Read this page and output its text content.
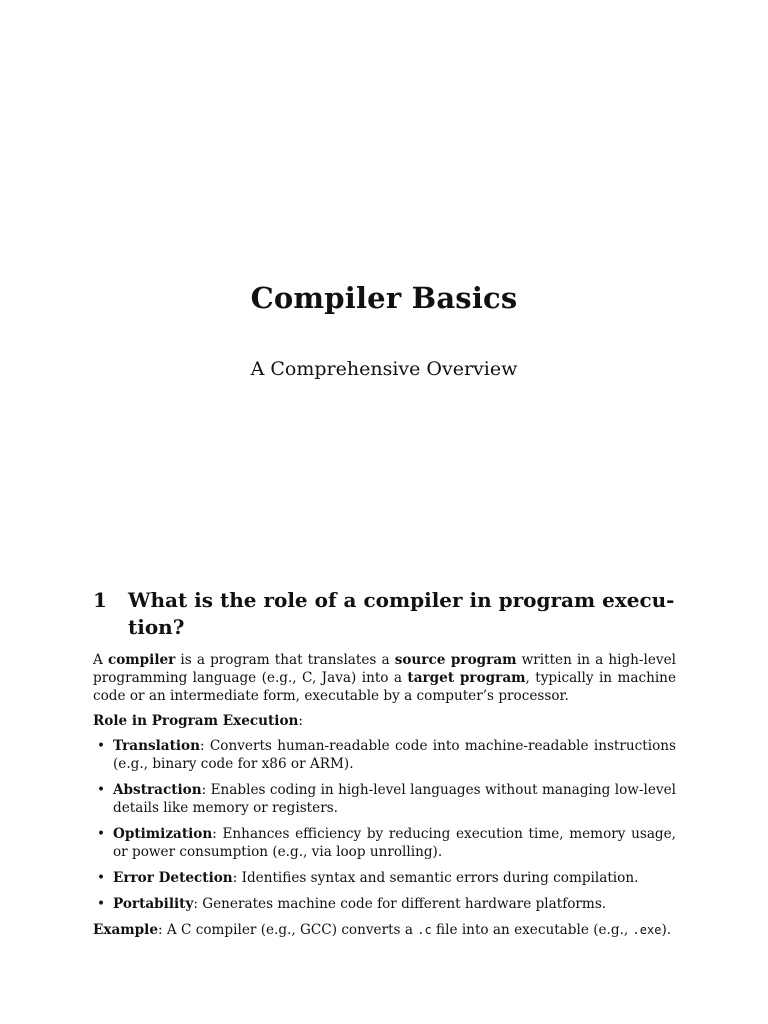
Compiler Basics
A Comprehensive Overview
1	What is the role of a compiler in program execu- tion?

A compiler is a program that translates a source program written in a high-level programming language (e.g., C, Java) into a target program, typically in machine code or an intermediate form, executable by a computer’s processor.

Role in Program Execution:

• Translation: Converts human-readable code into machine-readable instructions (e.g., binary code for x86 or ARM).
• Abstraction: Enables coding in high-level languages without managing low-level details like memory or registers.
• Optimization: Enhances efficiency by reducing execution time, memory usage, or power consumption (e.g., via loop unrolling).
• Error Detection: Identifies syntax and semantic errors during compilation.
• Portability: Generates machine code for different hardware platforms.

Example: A C compiler (e.g., GCC) converts a .c file into an executable (e.g., .exe).
